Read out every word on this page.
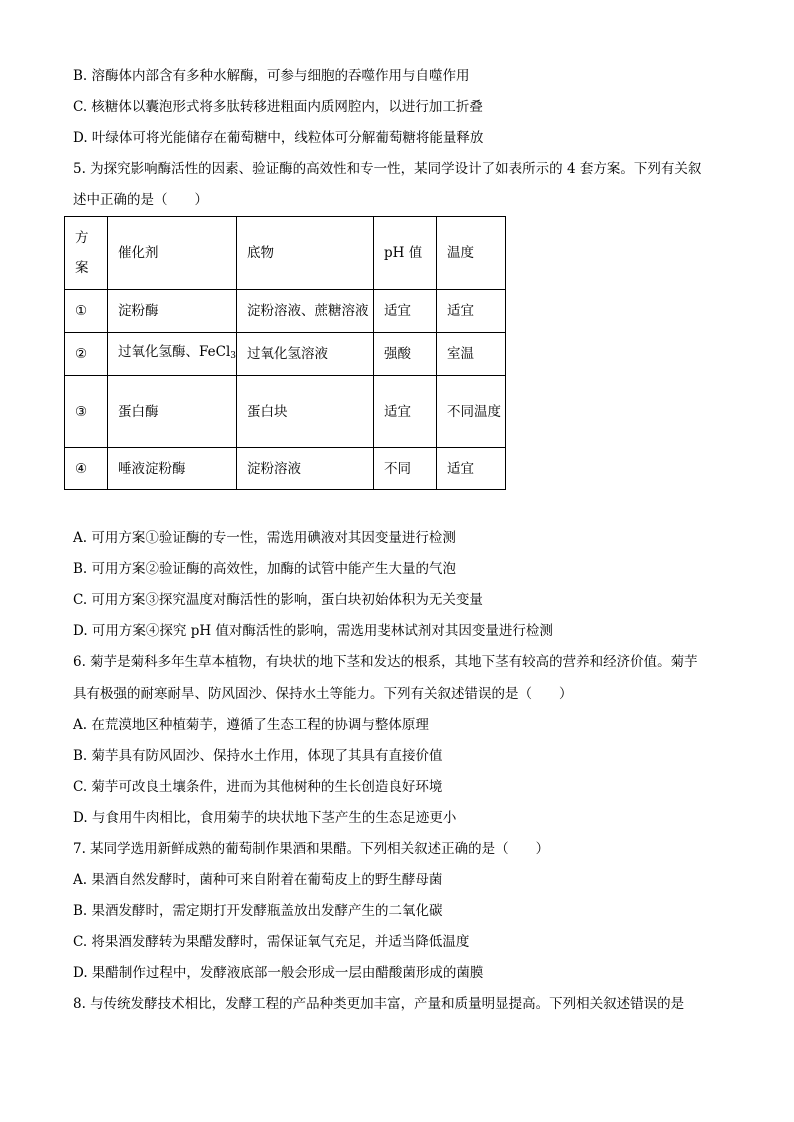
B. 溶酶体内部含有多种水解酶，可参与细胞的吞噬作用与自噬作用
C. 核糖体以囊泡形式将多肽转移进粗面内质网腔内，以进行加工折叠
D. 叶绿体可将光能储存在葡萄糖中，线粒体可分解葡萄糖将能量释放
5. 为探究影响酶活性的因素、验证酶的高效性和专一性，某同学设计了如表所示的 4 套方案。下列有关叙
述中正确的是（　　）
方案	催化剂	底物	pH 值	温度
①	淀粉酶	淀粉溶液、蔗糖溶液	适宜	适宜
②	过氧化氢酶、FeCl$_3$	过氧化氢溶液	强酸	室温
③	蛋白酶	蛋白块	适宜	不同温度
④	唾液淀粉酶	淀粉溶液	不同	适宜
A. 可用方案①验证酶的专一性，需选用碘液对其因变量进行检测
B. 可用方案②验证酶的高效性，加酶的试管中能产生大量的气泡
C. 可用方案③探究温度对酶活性的影响，蛋白块初始体积为无关变量
D. 可用方案④探究 pH 值对酶活性的影响，需选用斐林试剂对其因变量进行检测
6. 菊芋是菊科多年生草本植物，有块状的地下茎和发达的根系，其地下茎有较高的营养和经济价值。菊芋
具有极强的耐寒耐旱、防风固沙、保持水土等能力。下列有关叙述错误的是（　　）
A. 在荒漠地区种植菊芋，遵循了生态工程的协调与整体原理
B. 菊芋具有防风固沙、保持水土作用，体现了其具有直接价值
C. 菊芋可改良土壤条件，进而为其他树种的生长创造良好环境
D. 与食用牛肉相比，食用菊芋的块状地下茎产生的生态足迹更小
7. 某同学选用新鲜成熟的葡萄制作果酒和果醋。下列相关叙述正确的是（　　）
A. 果酒自然发酵时，菌种可来自附着在葡萄皮上的野生酵母菌
B. 果酒发酵时，需定期打开发酵瓶盖放出发酵产生的二氧化碳
C. 将果酒发酵转为果醋发酵时，需保证氧气充足，并适当降低温度
D. 果醋制作过程中，发酵液底部一般会形成一层由醋酸菌形成的菌膜
8. 与传统发酵技术相比，发酵工程的产品种类更加丰富，产量和质量明显提高。下列相关叙述错误的是
